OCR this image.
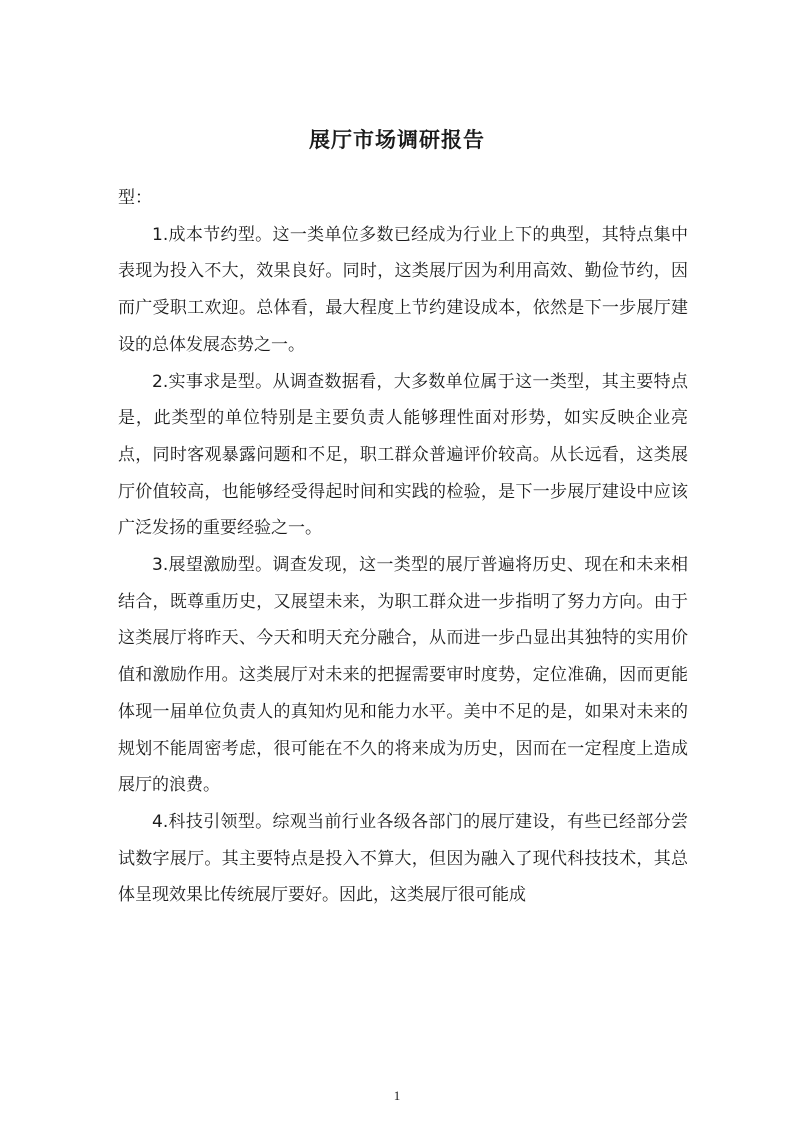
展厅市场调研报告

型：

1.成本节约型。这一类单位多数已经成为行业上下的典型，其特点集中表现为投入不大，效果良好。同时，这类展厅因为利用高效、勤俭节约，因而广受职工欢迎。总体看，最大程度上节约建设成本，依然是下一步展厅建设的总体发展态势之一。

2.实事求是型。从调查数据看，大多数单位属于这一类型，其主要特点是，此类型的单位特别是主要负责人能够理性面对形势，如实反映企业亮点，同时客观暴露问题和不足，职工群众普遍评价较高。从长远看，这类展厅价值较高，也能够经受得起时间和实践的检验，是下一步展厅建设中应该广泛发扬的重要经验之一。

3.展望激励型。调查发现，这一类型的展厅普遍将历史、现在和未来相结合，既尊重历史，又展望未来，为职工群众进一步指明了努力方向。由于这类展厅将昨天、今天和明天充分融合，从而进一步凸显出其独特的实用价值和激励作用。这类展厅对未来的把握需要审时度势，定位准确，因而更能体现一届单位负责人的真知灼见和能力水平。美中不足的是，如果对未来的规划不能周密考虑，很可能在不久的将来成为历史，因而在一定程度上造成展厅的浪费。

4.科技引领型。综观当前行业各级各部门的展厅建设，有些已经部分尝试数字展厅。其主要特点是投入不算大，但因为融入了现代科技技术，其总体呈现效果比传统展厅要好。因此，这类展厅很可能成

1
